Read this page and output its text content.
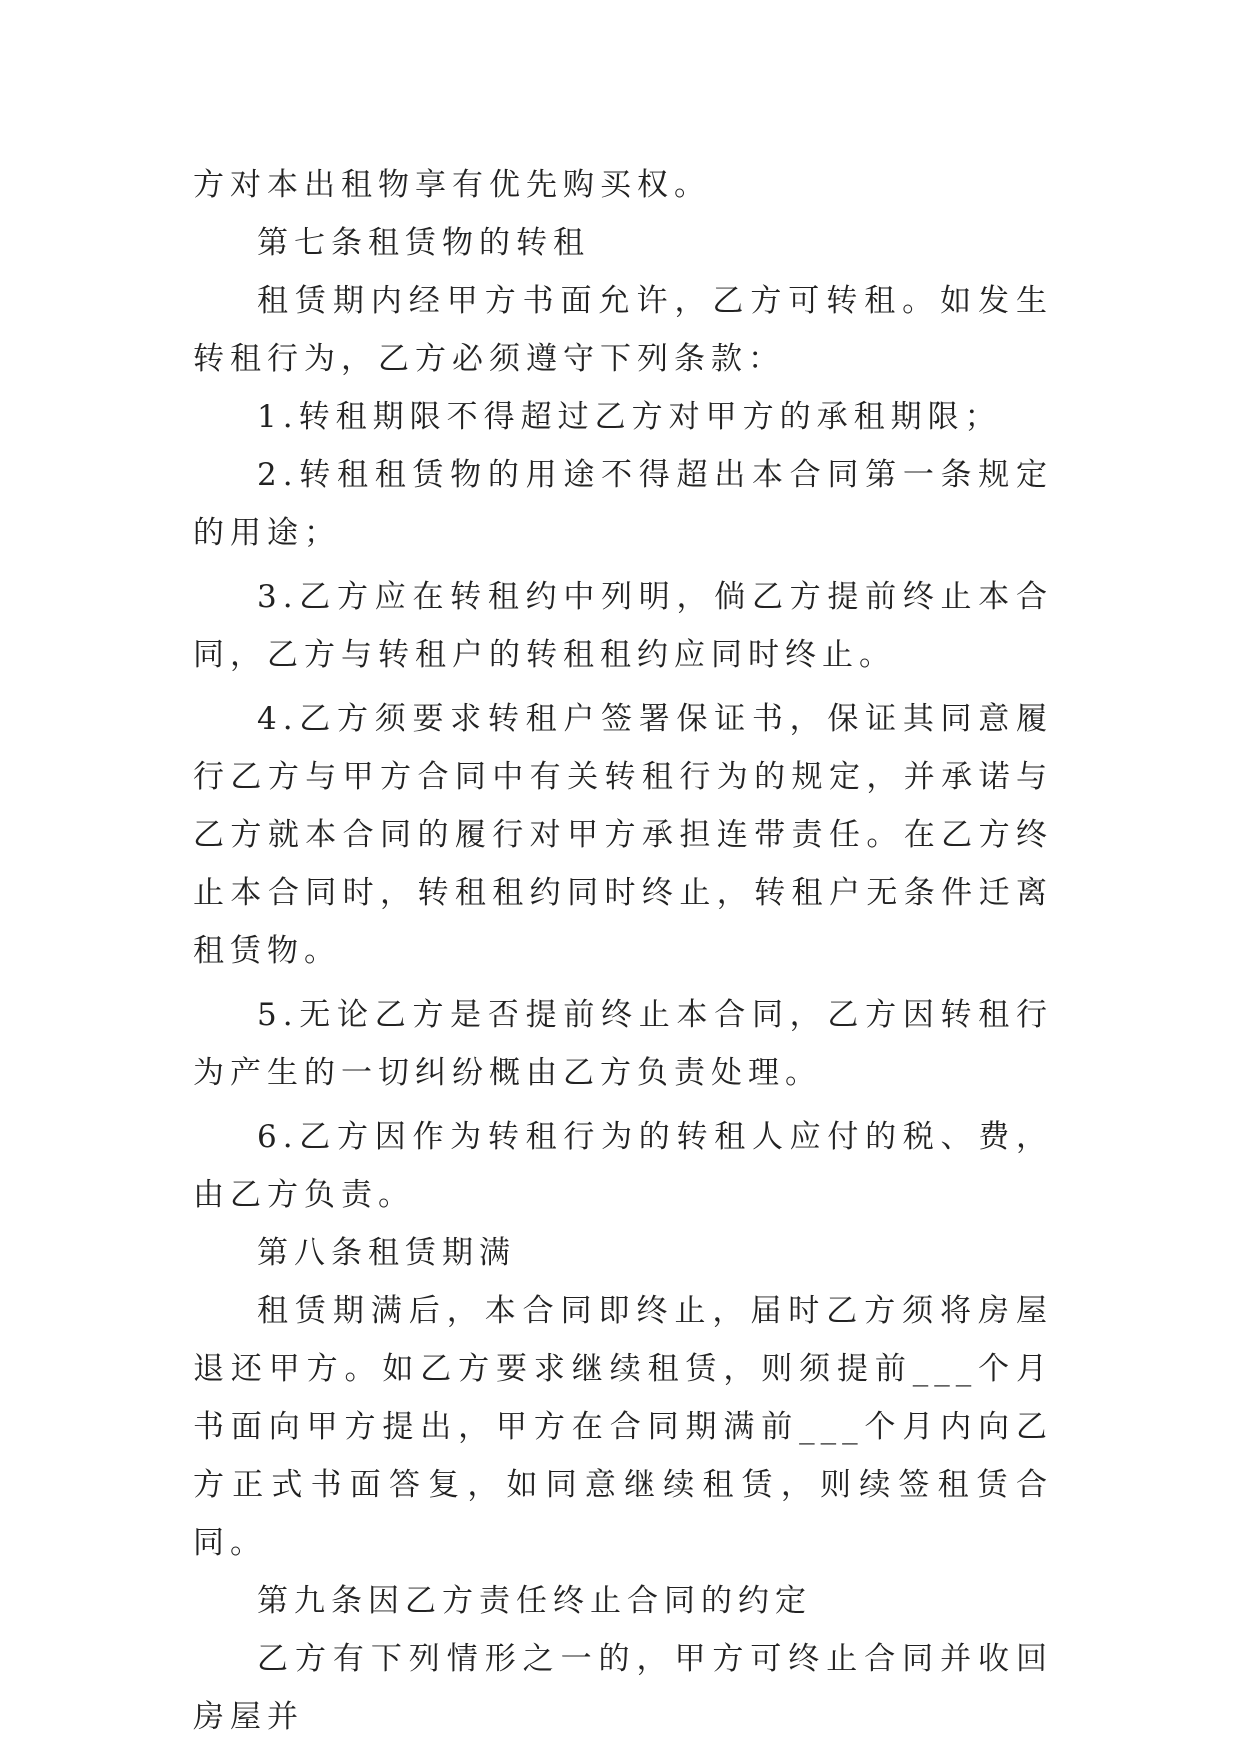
方对本出租物享有优先购买权。

第七条租赁物的转租

租赁期内经甲方书面允许，乙方可转租。如发生转租行为，乙方必须遵守下列条款：

1.转租期限不得超过乙方对甲方的承租期限；

2.转租租赁物的用途不得超出本合同第一条规定的用途；

3.乙方应在转租约中列明，倘乙方提前终止本合同，乙方与转租户的转租租约应同时终止。

4.乙方须要求转租户签署保证书，保证其同意履行乙方与甲方合同中有关转租行为的规定，并承诺与乙方就本合同的履行对甲方承担连带责任。在乙方终止本合同时，转租租约同时终止，转租户无条件迁离租赁物。

5.无论乙方是否提前终止本合同，乙方因转租行为产生的一切纠纷概由乙方负责处理。

6.乙方因作为转租行为的转租人应付的税、费，由乙方负责。

第八条租赁期满

租赁期满后，本合同即终止，届时乙方须将房屋退还甲方。如乙方要求继续租赁，则须提前___个月书面向甲方提出，甲方在合同期满前___个月内向乙方正式书面答复，如同意继续租赁，则续签租赁合同。

第九条因乙方责任终止合同的约定

乙方有下列情形之一的，甲方可终止合同并收回房屋并
